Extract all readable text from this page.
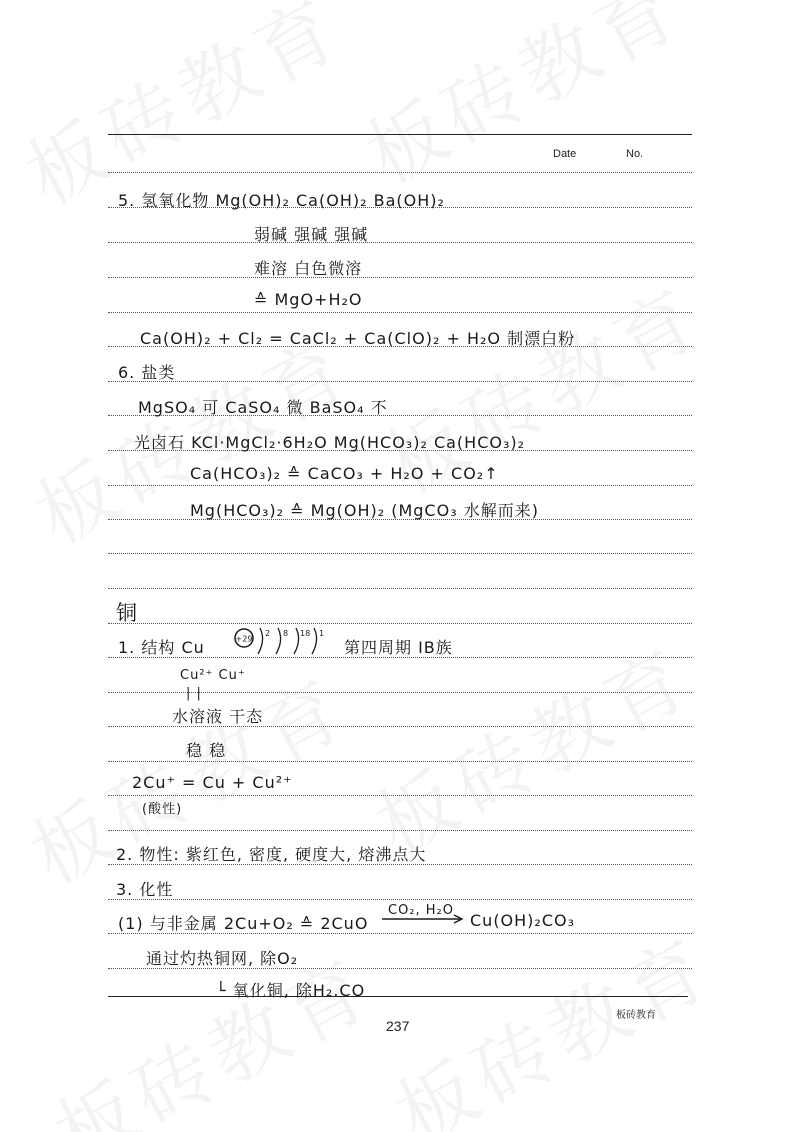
Date	No.
5. 氢氧化物 Mg(OH)₂ Ca(OH)₂ Ba(OH)₂
弱碱 强碱 强碱
难溶 白色微溶
≙ MgO+H₂O
Ca(OH)₂ + Cl₂ = CaCl₂ + Ca(ClO)₂ + H₂O 制漂白粉
6. 盐类
MgSO₄ 可 CaSO₄ 微 BaSO₄ 不
光卤石 KCl·MgCl₂·6H₂O Mg(HCO₃)₂ Ca(HCO₃)₂
Ca(HCO₃)₂ ≙ CaCO₃ + H₂O + CO₂↑
Mg(HCO₃)₂ ≙ Mg(OH)₂ (MgCO₃ 水解而来)
铜
1. 结构 Cu	+29
2 8 18 1
第四周期 IB族
Cu²⁺ Cu⁺
| |
水溶液 干态
稳 稳
2Cu⁺ = Cu + Cu²⁺
(酸性)
2. 物性: 紫红色, 密度, 硬度大, 熔沸点大
3. 化性
(1) 与非金属 2Cu+O₂ ≙ 2CuO
CO₂, H₂O
Cu(OH)₂CO₃
通过灼热铜网, 除O₂
└ 氧化铜, 除H₂.CO
板砖教育
237
